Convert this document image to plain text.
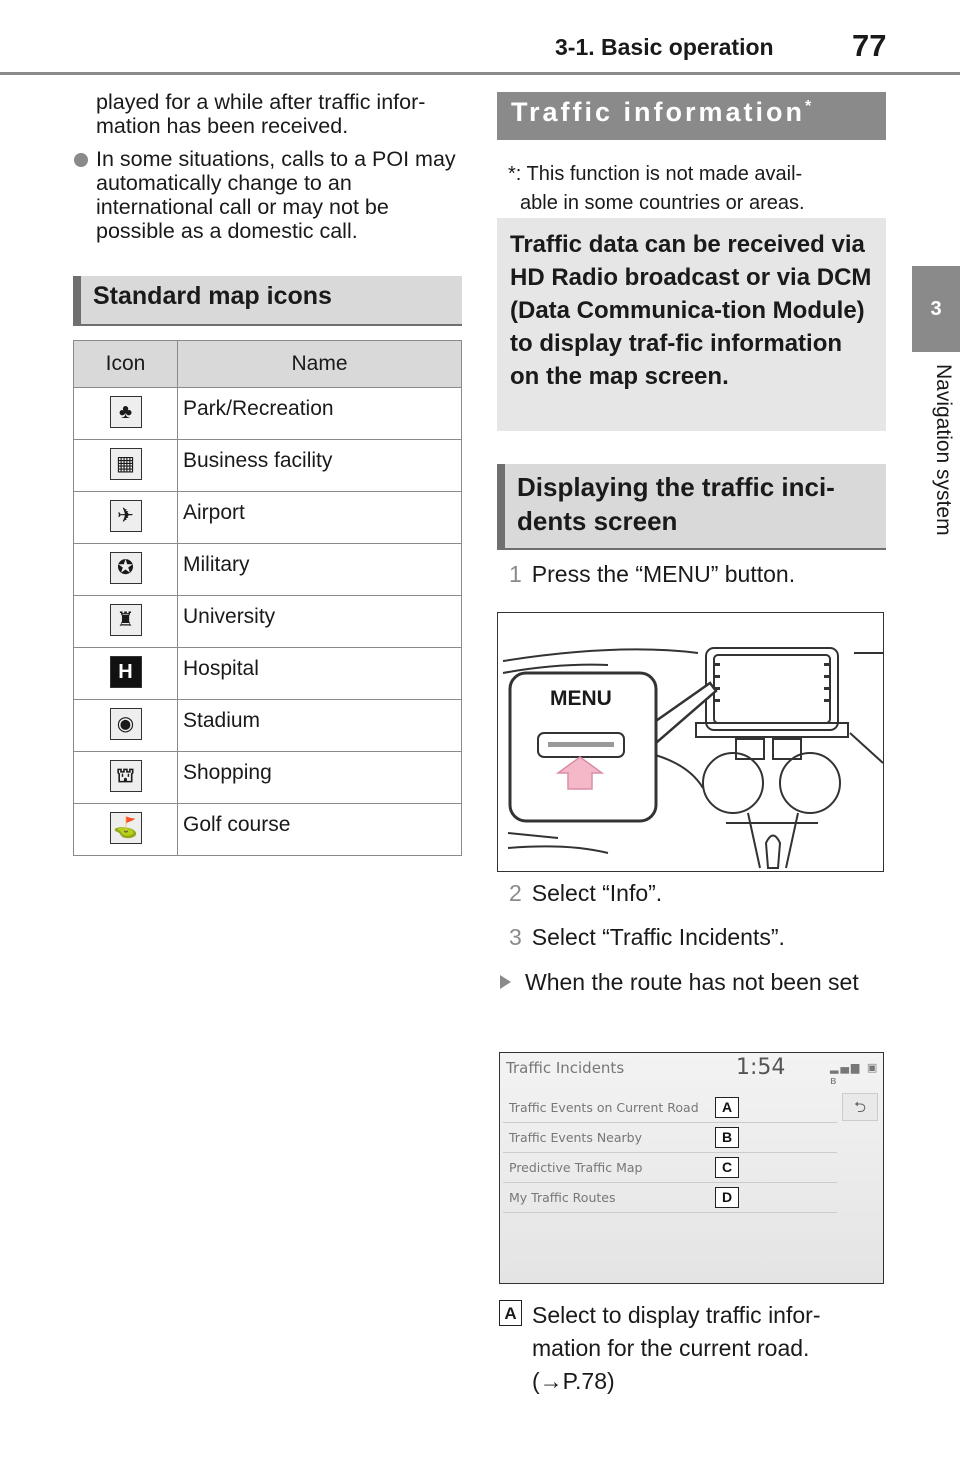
3-1. Basic operation	77
3
Navigation system
played for a while after traffic infor-mation has been received.
In some situations, calls to a POI may automatically change to an international call or may not be possible as a domestic call.
Standard map icons
Icon	Name
♣	Park/Recreation
▦	Business facility
✈	Airport
✪	Military
♜	University
H	Hospital
◉	Stadium
⛫	Shopping
⛳	Golf course
Traffic information*
*: This function is not made avail-
able in some countries or areas.
Traffic data can be received via HD Radio broadcast or via DCM (Data Communica-tion Module) to display traf-fic information on the map screen.
Displaying the traffic inci-dents screen
1 Press the “MENU” button.
MENU
2 Select “Info”.
3 Select “Traffic Incidents”.
When the route has not been set
Traffic Incidents	1:54	▂▄▆ ▣ ʙ
Traffic Events on Current Road	A
Traffic Events Nearby	B
Predictive Traffic Map	C
My Traffic Routes	D
⮌
A Select to display traffic infor-mation for the current road. (→P.78)
